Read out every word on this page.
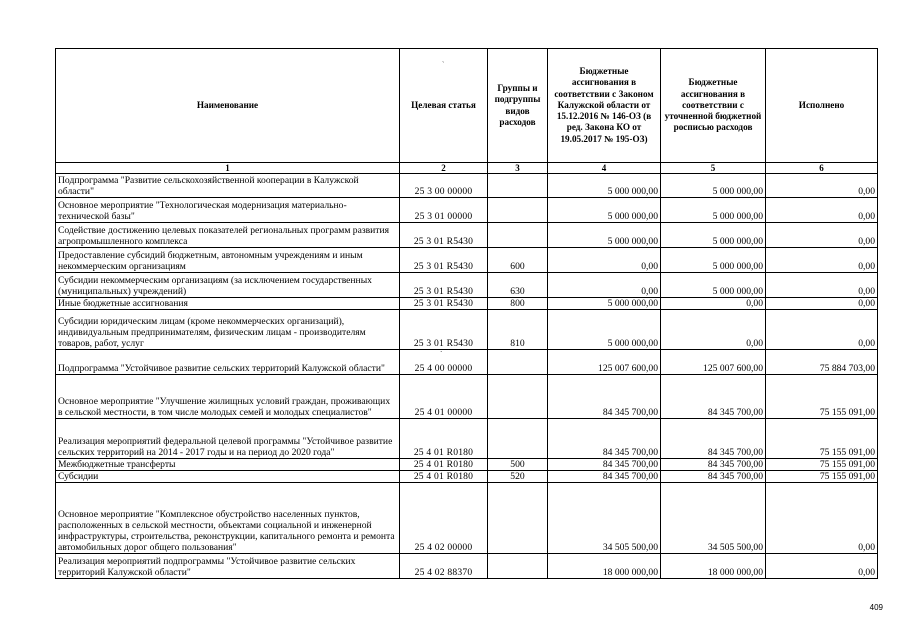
Наименование	Целевая статья	Группы и подгруппы видов расходов	Бюджетные ассигнования в соответствии с Законом Калужской области от 15.12.2016 № 146-ОЗ (в ред. Закона КО от 19.05.2017 № 195-ОЗ)	Бюджетные ассигнования в соответствии с уточненной бюджетной росписью расходов	Исполнено
1	2	3	4	5	6
Подпрограмма "Развитие сельскохозяйственной кооперации в Калужской области"	25 3 00 00000		5 000 000,00	5 000 000,00	0,00
Основное мероприятие "Технологическая модернизация материально-технической базы"	25 3 01 00000		5 000 000,00	5 000 000,00	0,00
Содействие достижению целевых показателей региональных программ развития агропромышленного комплекса	25 3 01 R5430		5 000 000,00	5 000 000,00	0,00
Предоставление субсидий бюджетным, автономным учреждениям и иным некоммерческим организациям	25 3 01 R5430	600	0,00	5 000 000,00	0,00
Субсидии некоммерческим организациям (за исключением государственных (муниципальных) учреждений)	25 3 01 R5430	630	0,00	5 000 000,00	0,00
Иные бюджетные ассигнования	25 3 01 R5430	800	5 000 000,00	0,00	0,00
Субсидии юридическим лицам (кроме некоммерческих организаций), индивидуальным предпринимателям, физическим лицам - производителям товаров, работ, услуг	25 3 01 R5430	810	5 000 000,00	0,00	0,00
Подпрограмма "Устойчивое развитие сельских территорий Калужской области"	25 4 00 00000		125 007 600,00	125 007 600,00	75 884 703,00
Основное мероприятие "Улучшение жилищных условий граждан, проживающих в сельской местности, в том числе молодых семей и молодых специалистов"	25 4 01 00000		84 345 700,00	84 345 700,00	75 155 091,00
Реализация мероприятий федеральной целевой программы "Устойчивое развитие сельских территорий на 2014 - 2017 годы и на период до 2020 года"	25 4 01 R0180		84 345 700,00	84 345 700,00	75 155 091,00
Межбюджетные трансферты	25 4 01 R0180	500	84 345 700,00	84 345 700,00	75 155 091,00
Субсидии	25 4 01 R0180	520	84 345 700,00	84 345 700,00	75 155 091,00
Основное мероприятие "Комплексное обустройство населенных пунктов, расположенных в сельской местности, объектами социальной и инженерной инфраструктуры, строительства, реконструкции, капитального ремонта и ремонта автомобильных дорог общего пользования"	25 4 02 00000		34 505 500,00	34 505 500,00	0,00
Реализация мероприятий подпрограммы "Устойчивое развитие сельских территорий Калужской области"	25 4 02 88370		18 000 000,00	18 000 000,00	0,00
ˎ
·
409
